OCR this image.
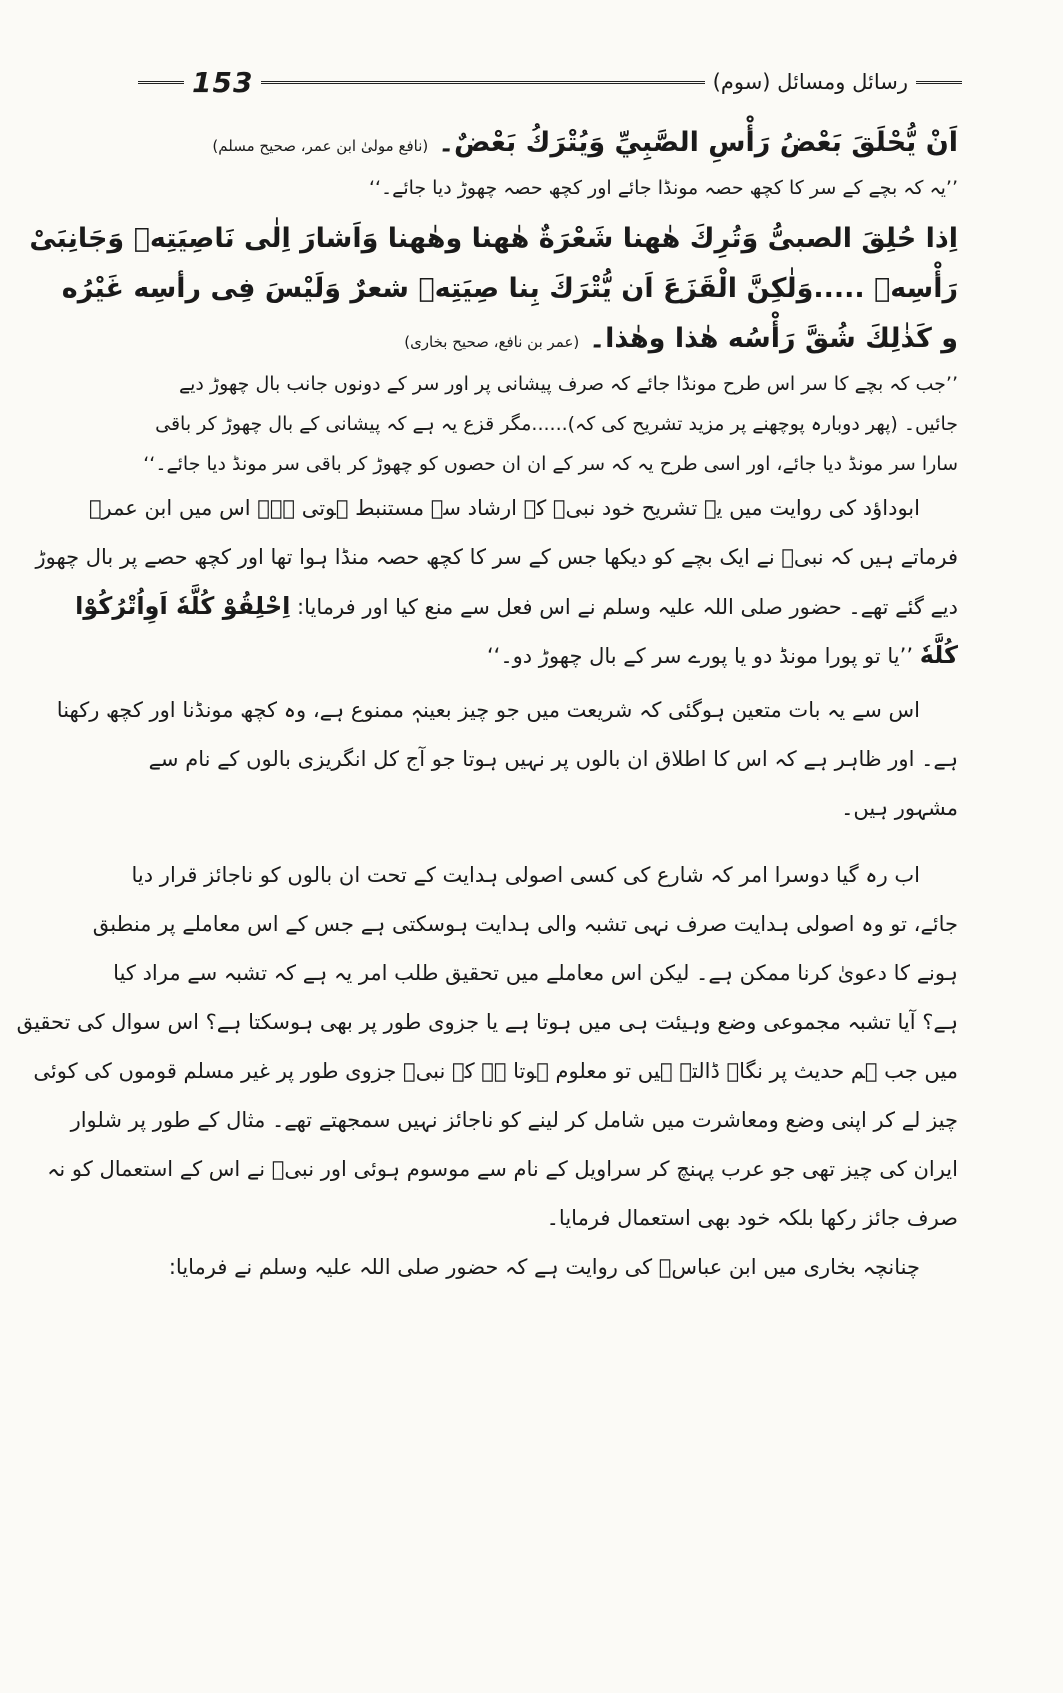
153	رسائل ومسائل (سوم)

اَنْ يُّحْلَقَ بَعْضُ رَأْسِ الصَّبِيِّ وَيُتْرَكُ بَعْضٌ۔(نافع مولیٰ ابن عمر، صحیح مسلم)

’’یہ کہ بچے کے سر کا کچھ حصہ مونڈا جائے اور کچھ حصہ چھوڑ دیا جائے۔‘‘

اِذا حُلِقَ الصبیُّ وَتُرِكَ هٰهنا شَعْرَةٌ هٰهنا وهٰهنا وَاَشارَ اِلٰی نَاصِيَتِهٖ وَجَانِبَیْ

رَأْسِهٖ .....وَلٰكِنَّ الْقَزَعَ اَن يُّتْرَكَ بِنا صِيَتِهٖ شعرٌ وَلَيْسَ فِی رأسِه غَيْرُه

و كَذٰلِكَ شُقَّ رَأْسُه هٰذا وهٰذا۔(عمر بن نافع، صحیح بخاری)

’’جب کہ بچے کا سر اس طرح مونڈا جائے کہ صرف پیشانی پر اور سر کے دونوں جانب بال چھوڑ دیے

جائیں۔ (پھر دوبارہ پوچھنے پر مزید تشریح کی کہ)......مگر قزع یہ ہے کہ پیشانی کے بال چھوڑ کر باقی

سارا سر مونڈ دیا جائے، اور اسی طرح یہ کہ سر کے ان ان حصوں کو چھوڑ کر باقی سر مونڈ دیا جائے۔‘‘

ابوداؤد کی روایت میں یہ تشریح خود نبیؐ کے ارشاد سے مستنبط ہوتی ہے۔ اس میں ابن عمرؓ

فرماتے ہیں کہ نبیؐ نے ایک بچے کو دیکھا جس کے سر کا کچھ حصہ منڈا ہوا تھا اور کچھ حصے پر بال چھوڑ

دیے گئے تھے۔ حضور صلی اللہ علیہ وسلم نے اس فعل سے منع کیا اور فرمایا: اِحْلِقُوْ كُلَّهٗ اَوِاُتْرُكُوْا

كُلَّهٗ ’’یا تو پورا مونڈ دو یا پورے سر کے بال چھوڑ دو۔‘‘

اس سے یہ بات متعین ہوگئی کہ شریعت میں جو چیز بعینہٖ ممنوع ہے، وہ کچھ مونڈنا اور کچھ رکھنا

ہے۔ اور ظاہر ہے کہ اس کا اطلاق ان بالوں پر نہیں ہوتا جو آج کل انگریزی بالوں کے نام سے

مشہور ہیں۔

اب رہ گیا دوسرا امر کہ شارع کی کسی اصولی ہدایت کے تحت ان بالوں کو ناجائز قرار دیا

جائے، تو وہ اصولی ہدایت صرف نہی تشبہ والی ہدایت ہوسکتی ہے جس کے اس معاملے پر منطبق

ہونے کا دعویٰ کرنا ممکن ہے۔ لیکن اس معاملے میں تحقیق طلب امر یہ ہے کہ تشبہ سے مراد کیا

ہے؟ آیا تشبہ مجموعی وضع وہیئت ہی میں ہوتا ہے یا جزوی طور پر بھی ہوسکتا ہے؟ اس سوال کی تحقیق

میں جب ہم حدیث پر نگاہ ڈالتے ہیں تو معلوم ہوتا ہے کہ نبیؐ جزوی طور پر غیر مسلم قوموں کی کوئی

چیز لے کر اپنی وضع ومعاشرت میں شامل کر لینے کو ناجائز نہیں سمجھتے تھے۔ مثال کے طور پر شلوار

ایران کی چیز تھی جو عرب پہنچ کر سراویل کے نام سے موسوم ہوئی اور نبیؐ نے اس کے استعمال کو نہ

صرف جائز رکھا بلکہ خود بھی استعمال فرمایا۔

چنانچہ بخاری میں ابن عباسؓ کی روایت ہے کہ حضور صلی اللہ علیہ وسلم نے فرمایا:
